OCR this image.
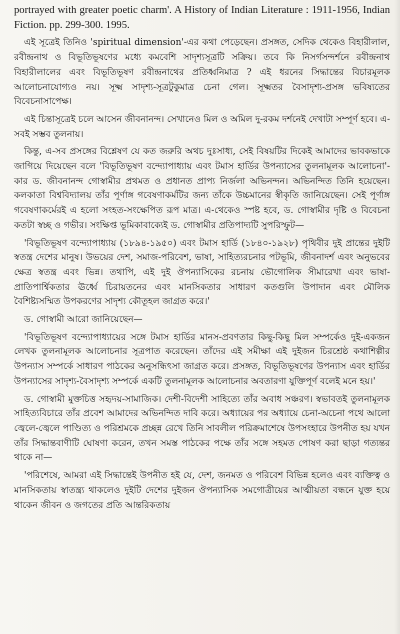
portrayed with greater poetic charm'. A History of Indian Literature : 1911-1956, Indian Fiction. pp. 299-300. 1995.

এই সূত্রেই তিনিও 'spiritual dimension'-এর কথা পেড়েছেন। প্রসঙ্গত, সেদিক থেকেও বিহারীলাল, রবীন্দ্রনাথ ও বিভূতিভূষণের মধ্যে কমবেশি সাদৃশ্যসূত্রটি সক্রিয়। তবে কি নিসর্গসন্দর্শনে রবীন্দ্রনাথ বিহারীলালের এবং বিভূতিভূষণ রবীন্দ্রনাথের প্রতিধ্বনিমাত্র ? এই ধরনের সিদ্ধান্তের বিচারমূলক আলোচনাযোগ্যও নয়। সূক্ষ্ম সাদৃশ্য-সূত্রটুকুমাত্র চেনা গেল। সূক্ষ্মতর বৈসাদৃশ্য-প্রসঙ্গ ভবিষ্যতের বিবেচনাসাপেক্ষ।

এই চিন্তাসূত্রেই চলে আসেন জীবনানন্দ। সেখানেও মিল ও অমিল দু-রকম দর্শনেই দেখাটা সম্পূর্ণ হবে। এ-সবই সম্ভব তুলনায়।

কিন্তু, এ-সব প্রসঙ্গের বিশ্লেষণ যে কত জরুরি অথচ দুঃসাধ্য, সেই বিষয়টির দিকেই আমাদের ভাবকভাকে জাগিয়ে দিয়েছেন বলে 'বিভূতিভূষণ বন্দ্যোপাধ্যায় এবং টমাস হার্ডির উপন্যাসের তুলনামূলক আলোচনা'-কার ড. জীবনানন্দ গোস্বামীর প্রথমত ও প্রধানত প্রাপ্য নির্জলা অভিনন্দন। অভিনন্দিত তিনি হয়েছেন। কলকাতা বিশ্ববিদ্যালয় তাঁর পূর্ণাঙ্গ গবেষণাকর্মটির জন্য তাঁকে উচ্চমানের স্বীকৃতি জানিয়েছেন। সেই পূর্ণাঙ্গ গবেষণাকর্মেরই এ হলো সংহত-সংক্ষেপিত রূপ মাত্র। এ-থেকেও স্পষ্ট হবে, ড. গোস্বামীর দৃষ্টি ও বিবেচনা কতটা স্বচ্ছ ও গভীর। সংক্ষিপ্ত ভূমিকাবাক্যেই ড. গোস্বামীর প্রতিপাদ্যটি সুপরিস্ফুট—

'বিভূতিভূষণ বন্দ্যোপাধ্যায় (১৮৯৪-১৯৫০) এবং টমাস হার্ডি (১৮৪০-১৯২৮) পৃথিবীর দুই প্রান্তের দুইটি স্বতন্ত্র দেশের মানুষ। উভয়ের দেশ, সমাজ-পরিবেশ, ভাষা, সাহিত্যরচনার পটভূমি, জীবনাদর্শ এবং অনুভবের ক্ষেত্র স্বতন্ত্র এবং ভিন্ন। তথাপি, এই দুই ঔপন্যাসিকের রচনায় ভৌগোলিক সীমারেখা এবং ভাষা-প্রাতিপার্শ্বিকতার ঊর্ধ্বে চিরায়তনের এবং মানসিকতার সাধারণ কতগুলি উপাদান এবং মৌলিক বৈশিষ্ট্যসম্মিত উপকরণের সাদৃশ্য কৌতূহল জাগ্রত করে।'

ড. গোস্বামী আরো জানিয়েছেন—

'বিভূতিভূষণ বন্দ্যোপাধ্যায়ের সঙ্গে টমাস হার্ডির মানস-প্রবণতার কিছু-কিছু মিল সম্পর্কেও দুই-একজন লেখক তুলনামূলক আলোচনার সূত্রপাত করেছেন। তাঁদের এই সমীক্ষা এই দুইজন চিরশ্রেষ্ঠ কথাশিল্পীর উপন্যাস সম্পর্কে সাধারণ পাঠকের অনুসন্ধিৎসা জাগ্রত করে। প্রসঙ্গত, বিভূতিভূষণের উপন্যাস এবং হার্ডির উপন্যাসের সাদৃশ্য-বৈসাদৃশ্য সম্পর্কে একটি তুলনামূলক আলোচনার অবতারণা যুক্তিপূর্ণ বলেই মনে হয়।'

ড. গোস্বামী মুক্তচিত্ত সহৃদয়-সামাজিক। দেশী-বিদেশী সাহিত্যে তাঁর অবাধ সঞ্চরণ। স্বভাবতই তুলনামূলক সাহিত্যবিচারে তাঁর প্রবেশ আমাদের অভিনন্দিত দাবি করে। অধ্যায়ের পর অধ্যায়ে চেনা-অচেনা পথে আলো জ্বেলে-জ্বেলে পাণ্ডিত্য ও পরিশ্রমকে প্রচ্ছন্ন রেখে তিনি সাবলীল পরিক্রমাশেষে উপসংহারে উপনীত হয় যখন তাঁর সিদ্ধান্তবাণীটি ঘোষণা করেন, তখন সমস্ত পাঠকের পক্ষে তাঁর সঙ্গে সহমত পোষণ করা ছাড়া গত্যন্তর থাকে না—

'পরিশেষে, আমরা এই সিদ্ধান্তেই উপনীত হই যে, দেশ, জনমত ও পরিবেশ বিভিন্ন হলেও এবং ব্যক্তিত্ব ও মানসিকতায় স্বাতন্ত্র্য থাকলেও দুইটি দেশের দুইজন ঔপন্যাসিক সমগোত্রীয়ের আত্মীয়তা বন্ধনে যুক্ত হয়ে থাকেন জীবন ও জগতের প্রতি আন্তরিকতায়
